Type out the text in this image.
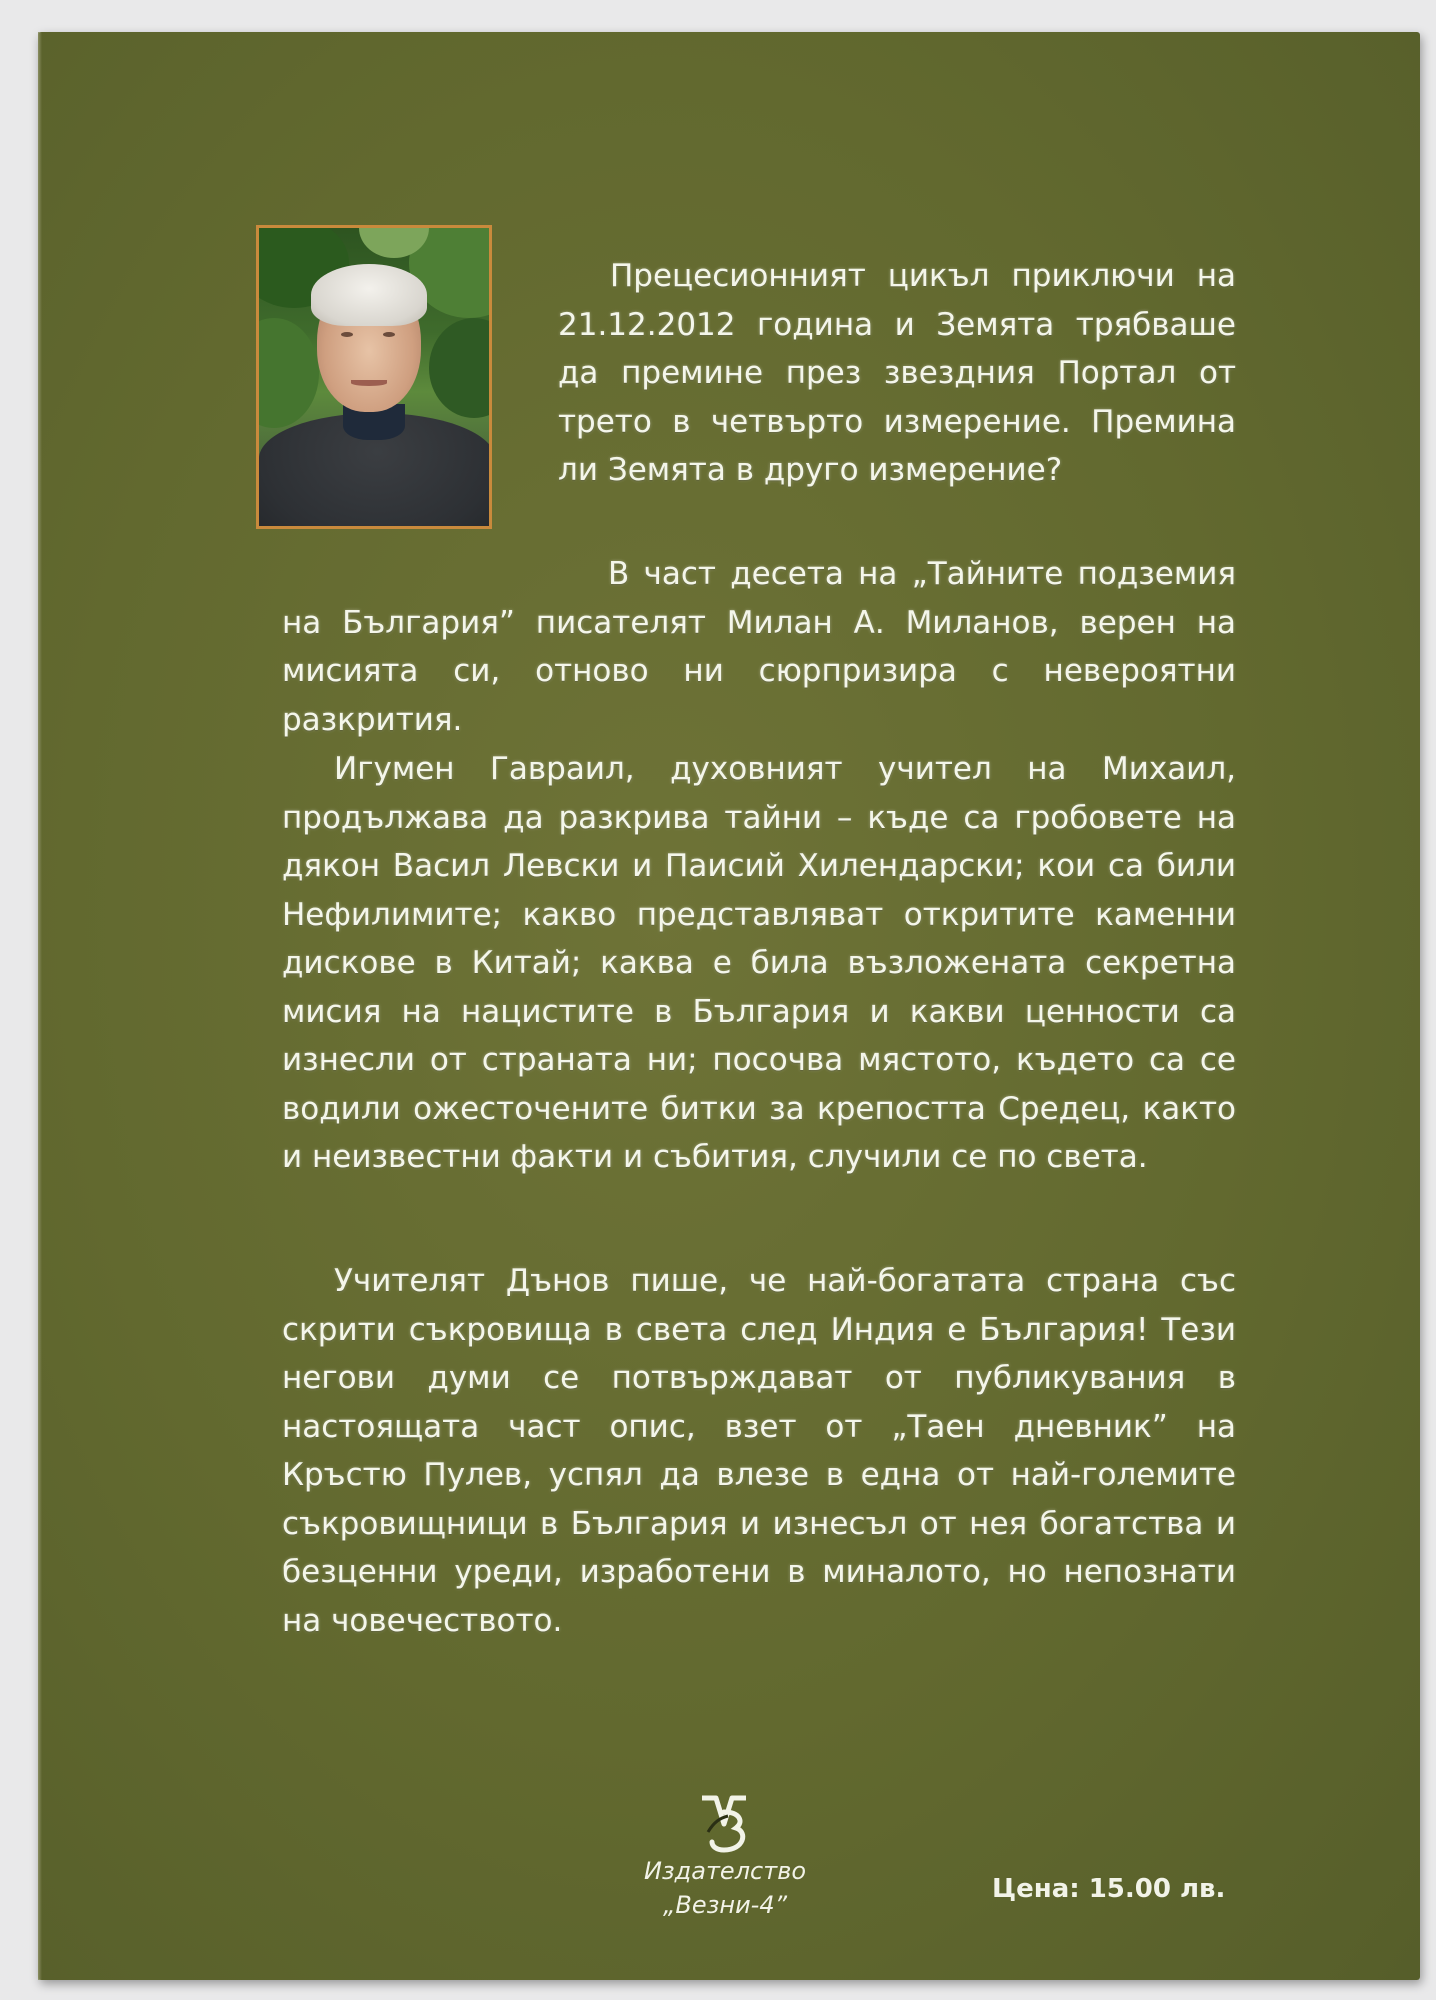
Прецесионният цикъл приключи на 21.12.2012 година и Земята трябваше да премине през звездния Портал от трето в четвърто измерение. Премина ли Земята в друго измерение?

В част десета на „Тайните подземия на България” писателят Милан А. Миланов, верен на мисията си, отново ни сюрпризира с невероятни разкрития.

Игумен Гавраил, духовният учител на Михаил, продължава да разкрива тайни – къде са гробовете на дякон Васил Левски и Паисий Хилендарски; кои са били Нефилимите; какво представляват откритите каменни дискове в Китай; каква е била възложената секретна мисия на нацистите в България и какви ценности са изнесли от страната ни; посочва мястото, където са се водили ожесточените битки за крепостта Средец, както и неизвестни факти и събития, случили се по света.

Учителят Дънов пише, че най-богатата страна със скрити съкровища в света след Индия е България! Тези негови думи се потвърждават от публикувания в настоящата част опис, взет от „Таен дневник” на Кръстю Пулев, успял да влезе в една от най-големите съкровищници в България и изнесъл от нея богатства и безценни уреди, изработени в миналото, но непознати на човечеството.

Издателство
„Везни-4”
Цена: 15.00 лв.
